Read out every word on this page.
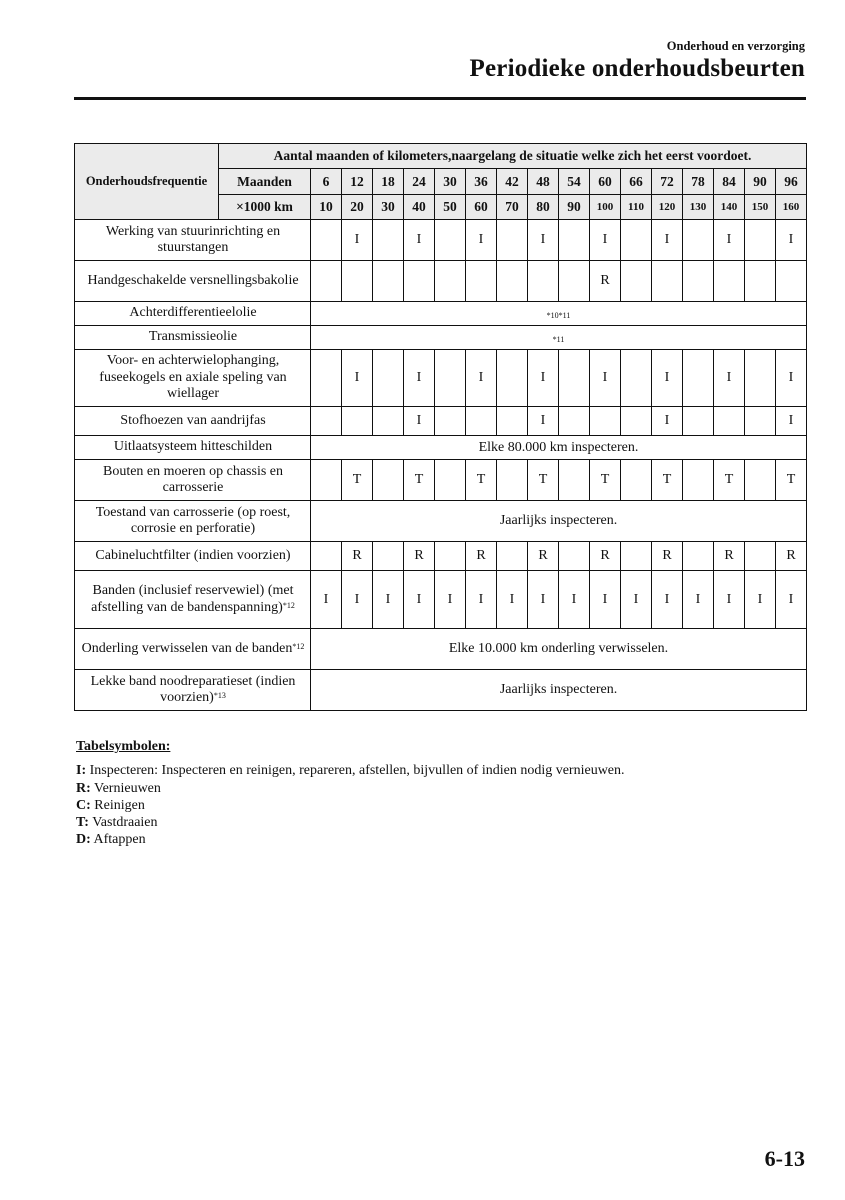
Onderhoud en verzorging
Periodieke onderhoudsbeurten
Onderhoudsfrequentie	Aantal maanden of kilometers,naargelang de situatie welke zich het eerst voordoet.																
	Maanden	6	12	18	24	30	36	42	48	54	60	66	72	78	84	90	96
	×1000 km	10	20	30	40	50	60	70	80	90	100	110	120	130	140	150	160
Werking van stuurinrichting en stuurstangen			I		I		I		I		I		I		I		I
Handgeschakelde versnellingsbakolie											R						
Achterdifferentieelolie		*10*11															
Transmissieolie		*11															
Voor- en achterwielophanging, fuseekogels en axiale speling van wiellager			I		I		I		I		I		I		I		I
Stofhoezen van aandrijfas					I				I				I				I
Uitlaatsysteem hitteschilden		Elke 80.000 km inspecteren.															
Bouten en moeren op chassis en carrosserie			T		T		T		T		T		T		T		T
Toestand van carrosserie (op roest, corrosie en perforatie)		Jaarlijks inspecteren.															
Cabineluchtfilter (indien voorzien)			R		R		R		R		R		R		R		R
Banden (inclusief reservewiel) (met afstelling van de bandenspanning)$^{*12}$		I	I	I	I	I	I	I	I	I	I	I	I	I	I	I	I
Onderling verwisselen van de banden$^{*12}$		Elke 10.000 km onderling verwisselen.															
Lekke band noodreparatieset (indien voorzien)$^{*13}$		Jaarlijks inspecteren.															
Tabelsymbolen:
I: Inspecteren: Inspecteren en reinigen, repareren, afstellen, bijvullen of indien nodig vernieuwen.
R: Vernieuwen
C: Reinigen
T: Vastdraaien
D: Aftappen
6-13
